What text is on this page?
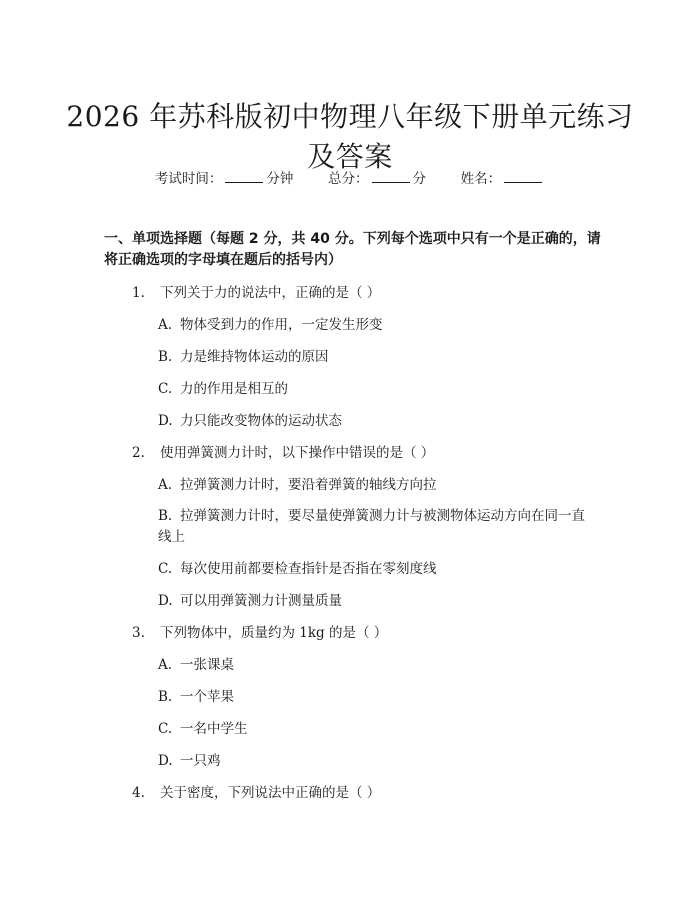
2026 年苏科版初中物理八年级下册单元练习
及答案
考试时间：	分钟	总分：	分	姓名：
一、单项选择题（每题 2 分，共 40 分。下列每个选项中只有一个是正确的，请将正确选项的字母填在题后的括号内）
1. 下列关于力的说法中，正确的是（ ）
A. 物体受到力的作用，一定发生形变
B. 力是维持物体运动的原因
C. 力的作用是相互的
D. 力只能改变物体的运动状态
2. 使用弹簧测力计时，以下操作中错误的是（ ）
A. 拉弹簧测力计时，要沿着弹簧的轴线方向拉
B. 拉弹簧测力计时，要尽量使弹簧测力计与被测物体运动方向在同一直线上
C. 每次使用前都要检查指针是否指在零刻度线
D. 可以用弹簧测力计测量质量
3. 下列物体中，质量约为 1kg 的是（ ）
A. 一张课桌
B. 一个苹果
C. 一名中学生
D. 一只鸡
4. 关于密度，下列说法中正确的是（ ）
